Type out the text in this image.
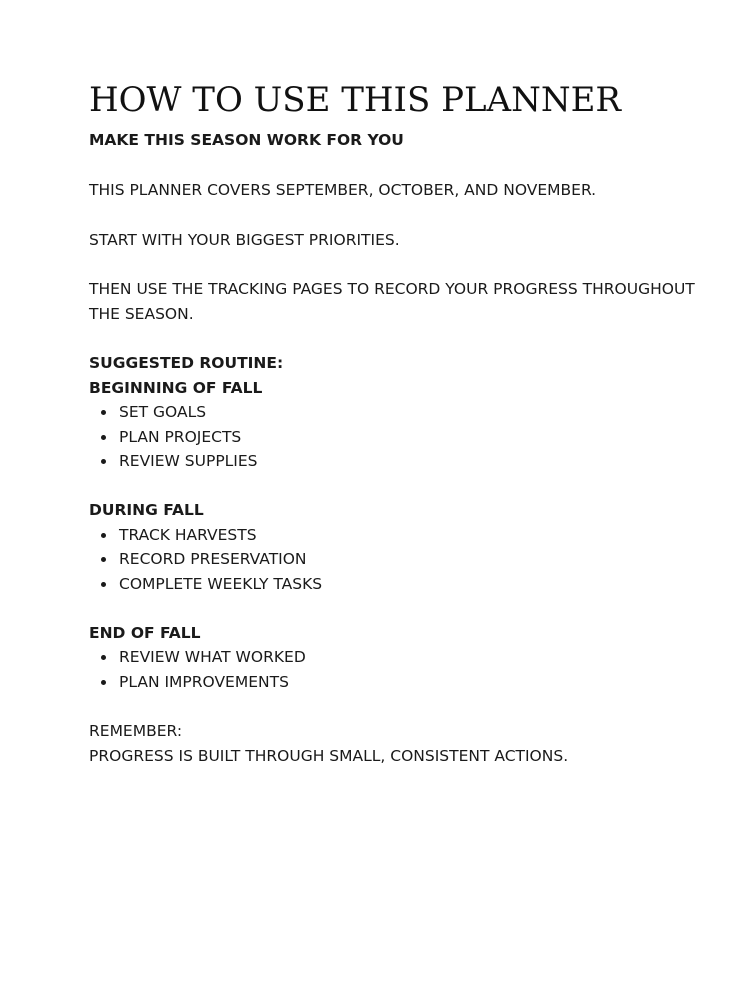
HOW TO USE THIS PLANNER

MAKE THIS SEASON WORK FOR YOU

THIS PLANNER COVERS SEPTEMBER, OCTOBER, AND NOVEMBER.

START WITH YOUR BIGGEST PRIORITIES.

THEN USE THE TRACKING PAGES TO RECORD YOUR PROGRESS THROUGHOUT THE SEASON.

SUGGESTED ROUTINE:

BEGINNING OF FALL

SET GOALS
PLAN PROJECTS
REVIEW SUPPLIES

DURING FALL

TRACK HARVESTS
RECORD PRESERVATION
COMPLETE WEEKLY TASKS

END OF FALL

REVIEW WHAT WORKED
PLAN IMPROVEMENTS

REMEMBER:

PROGRESS IS BUILT THROUGH SMALL, CONSISTENT ACTIONS.
